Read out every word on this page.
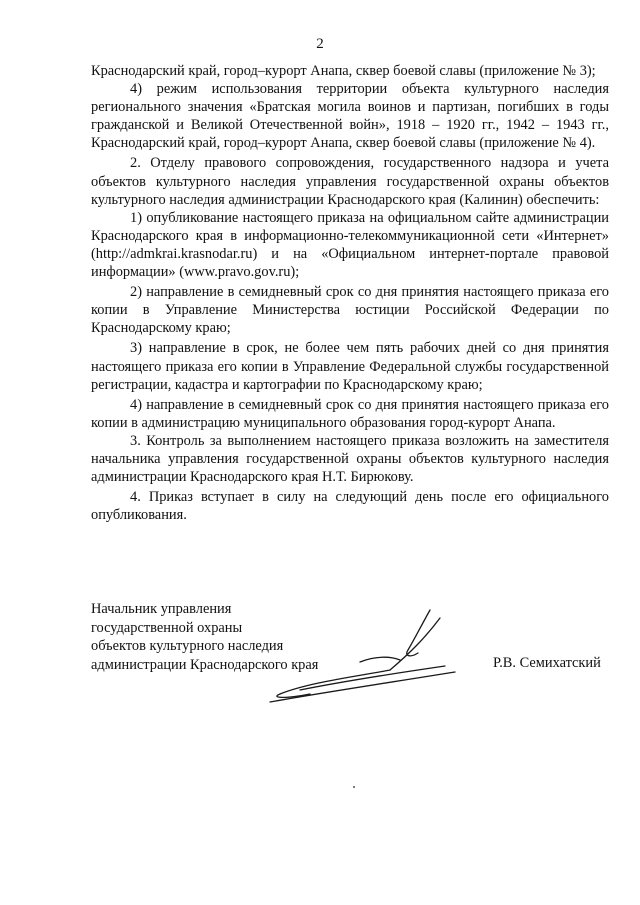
2

Краснодарский край, город–курорт Анапа, сквер боевой славы (приложение № 3);

4) режим использования территории объекта культурного наследия регионального значения «Братская могила воинов и партизан, погибших в годы гражданской и Великой Отечественной войн», 1918 – 1920 гг., 1942 – 1943 гг., Краснодарский край, город–курорт Анапа, сквер боевой славы (приложение № 4).

2. Отделу правового сопровождения, государственного надзора и учета объектов культурного наследия управления государственной охраны объектов культурного наследия администрации Краснодарского края (Калинин) обеспечить:

1) опубликование настоящего приказа на официальном сайте администрации Краснодарского края в информационно-телекоммуникационной сети «Интернет» (http://admkrai.krasnodar.ru) и на «Официальном интернет-портале правовой информации» (www.pravo.gov.ru);

2) направление в семидневный срок со дня принятия настоящего приказа его копии в Управление Министерства юстиции Российской Федерации по Краснодарскому краю;

3) направление в срок, не более чем пять рабочих дней со дня принятия настоящего приказа его копии в Управление Федеральной службы государственной регистрации, кадастра и картографии по Краснодарскому краю;

4) направление в семидневный срок со дня принятия настоящего приказа его копии в администрацию муниципального образования город-курорт Анапа.

3. Контроль за выполнением настоящего приказа возложить на заместителя начальника управления государственной охраны объектов культурного наследия администрации Краснодарского края Н.Т. Бирюкову.

4. Приказ вступает в силу на следующий день после его официального опубликования.

Начальник управления
государственной охраны
объектов культурного наследия
администрации Краснодарского края	Р.В. Семихатский
